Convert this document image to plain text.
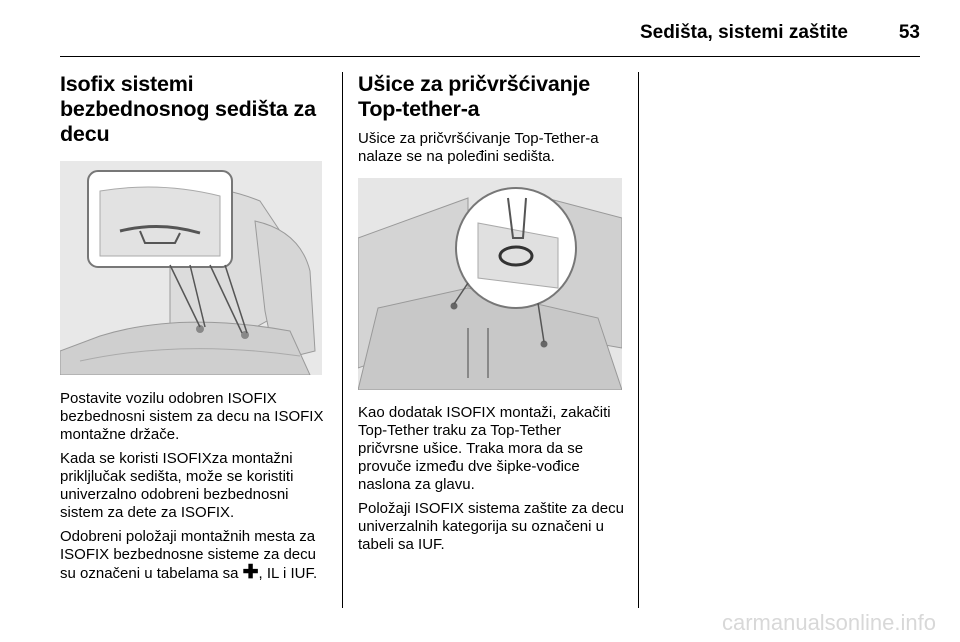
Sedišta, sistemi zaštite	53
Isofix sistemi bezbednosnog sedišta za decu

Postavite vozilu odobren ISOFIX bezbednosni sistem za decu na ISOFIX montažne držače.

Kada se koristi ISOFIXza montažni prikljlučak sedišta, može se koristiti univerzalno odobreni bezbednosni sistem za dete za ISOFIX.

Odobreni položaji montažnih mesta za ISOFIX bezbednosne sisteme za decu su označeni u tabelama sa ✚, IL i IUF.

Ušice za pričvršćivanje Top-tether-a

Ušice za pričvršćivanje Top-Tether-a nalaze se na poleđini sedišta.

Kao dodatak ISOFIX montaži, zakačiti Top-Tether traku za Top-Tether pričvrsne ušice. Traka mora da se provuče između dve šipke-vođice naslona za glavu.

Položaji ISOFIX sistema zaštite za decu univerzalnih kategorija su označeni u tabeli sa IUF.

carmanualsonline.info
